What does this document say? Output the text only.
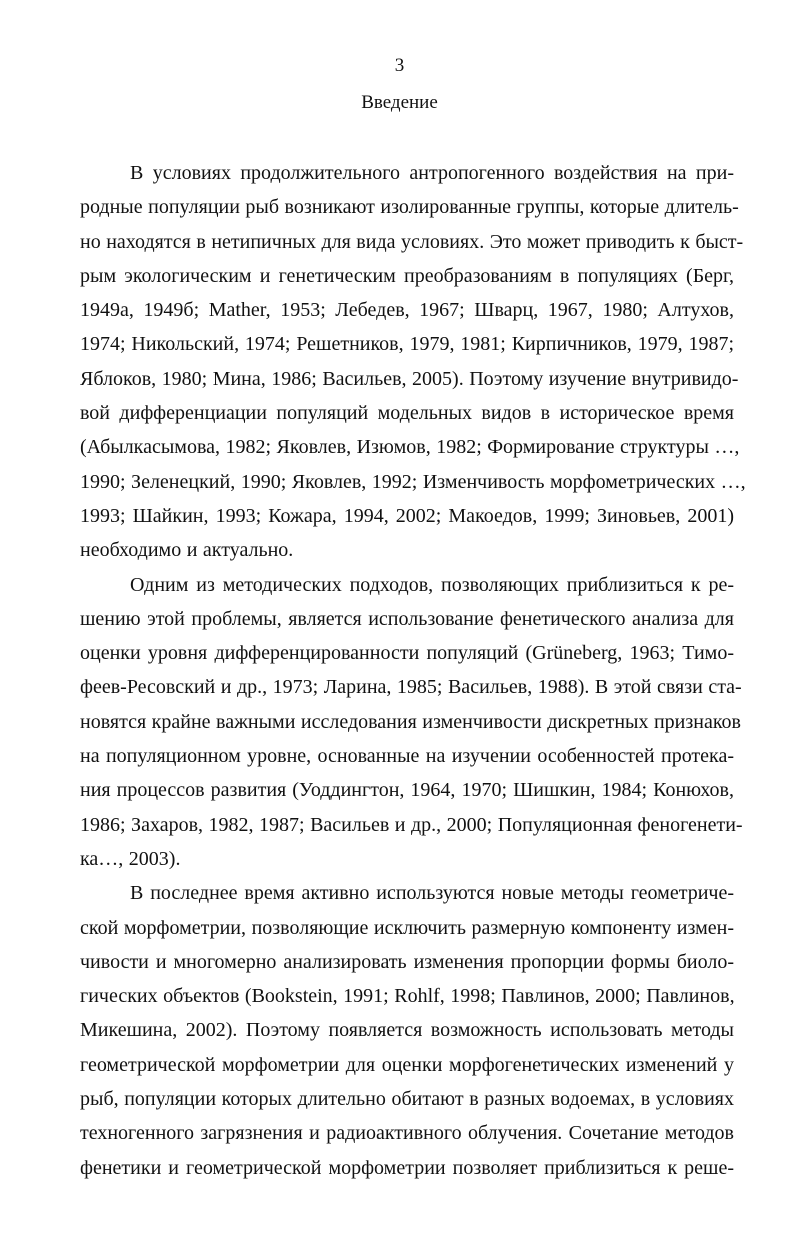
3
Введение

В условиях продолжительного антропогенного воздействия на при-
родные популяции рыб возникают изолированные группы, которые длитель-
но находятся в нетипичных для вида условиях. Это может приводить к быст-
рым экологическим и генетическим преобразованиям в популяциях (Берг,
1949а, 1949б; Mather, 1953; Лебедев, 1967; Шварц, 1967, 1980; Алтухов,
1974; Никольский, 1974; Решетников, 1979, 1981; Кирпичников, 1979, 1987;
Яблоков, 1980; Мина, 1986; Васильев, 2005). Поэтому изучение внутривидо-
вой дифференциации популяций модельных видов в историческое время
(Абылкасымова, 1982; Яковлев, Изюмов, 1982; Формирование структуры …,
1990; Зеленецкий, 1990; Яковлев, 1992; Изменчивость морфометрических …,
1993; Шайкин, 1993; Кожара, 1994, 2002; Макоедов, 1999; Зиновьев, 2001)
необходимо и актуально.

Одним из методических подходов, позволяющих приблизиться к ре-
шению этой проблемы, является использование фенетического анализа для
оценки уровня дифференцированности популяций (Grüneberg, 1963; Тимо-
феев-Ресовский и др., 1973; Ларина, 1985; Васильев, 1988). В этой связи ста-
новятся крайне важными исследования изменчивости дискретных признаков
на популяционном уровне, основанные на изучении особенностей протека-
ния процессов развития (Уоддингтон, 1964, 1970; Шишкин, 1984; Конюхов,
1986; Захаров, 1982, 1987; Васильев и др., 2000; Популяционная феногенети-
ка…, 2003).

В последнее время активно используются новые методы геометриче-
ской морфометрии, позволяющие исключить размерную компоненту измен-
чивости и многомерно анализировать изменения пропорции формы биоло-
гических объектов (Bookstein, 1991; Rohlf, 1998; Павлинов, 2000; Павлинов,
Микешина, 2002). Поэтому появляется возможность использовать методы
геометрической морфометрии для оценки морфогенетических изменений у
рыб, популяции которых длительно обитают в разных водоемах, в условиях
техногенного загрязнения и радиоактивного облучения. Сочетание методов
фенетики и геометрической морфометрии позволяет приблизиться к реше-
